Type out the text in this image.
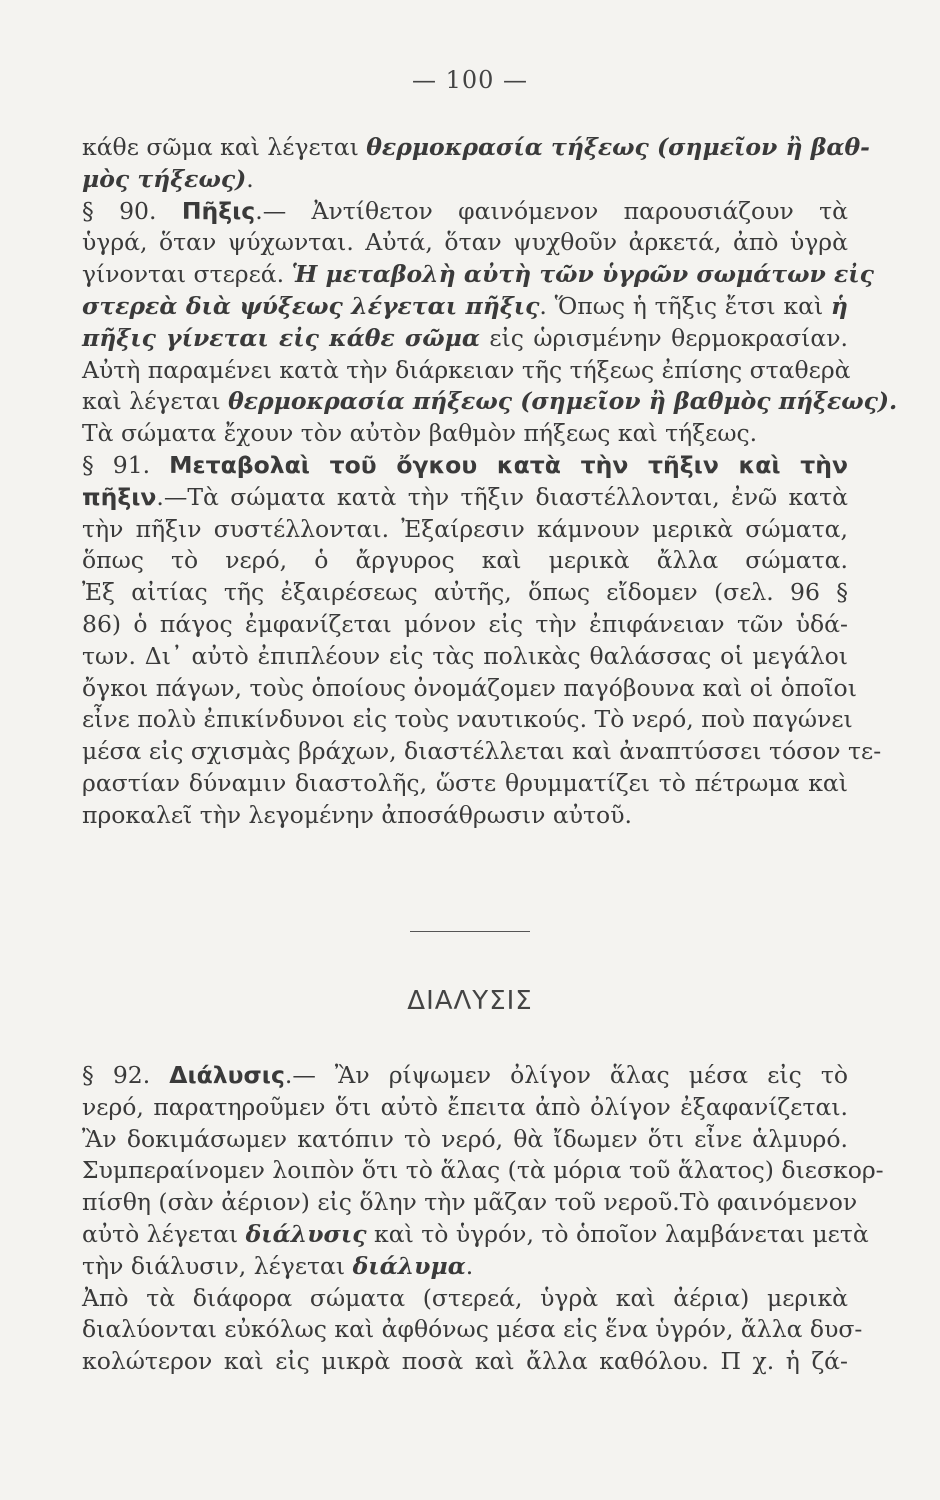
— 100 —
κάθε σῶμα καὶ λέγεται θερμοκρασία τήξεως (σημεῖον ἢ βαθ-
μὸς τήξεως).
§ 90. Πῆξις.— Ἀντίθετον φαινόμενον παρουσιάζουν τὰ
ὑγρά, ὅταν ψύχωνται. Αὐτά, ὅταν ψυχθοῦν ἀρκετά, ἀπὸ ὑγρὰ
γίνονται στερεά. Ἡ μεταβολὴ αὐτὴ τῶν ὑγρῶν σωμάτων εἰς
στερεὰ διὰ ψύξεως λέγεται πῆξις. Ὅπως ἡ τῆξις ἔτσι καὶ ἡ
πῆξις γίνεται εἰς κάθε σῶμα εἰς ὡρισμένην θερμοκρασίαν.
Αὐτὴ παραμένει κατὰ τὴν διάρκειαν τῆς τήξεως ἐπίσης σταθερὰ
καὶ λέγεται θερμοκρασία πήξεως (σημεῖον ἢ βαθμὸς πήξεως).
Τὰ σώματα ἔχουν τὸν αὐτὸν βαθμὸν πήξεως καὶ τήξεως.
§ 91. Μεταβολαὶ τοῦ ὄγκου κατὰ τὴν τῆξιν καὶ τὴν
πῆξιν.—Τὰ σώματα κατὰ τὴν τῆξιν διαστέλλονται, ἐνῶ κατὰ
τὴν πῆξιν συστέλλονται. Ἐξαίρεσιν κάμνουν μερικὰ σώματα,
ὅπως τὸ νερό, ὁ ἄργυρος καὶ μερικὰ ἄλλα σώματα.
Ἐξ αἰτίας τῆς ἐξαιρέσεως αὐτῆς, ὅπως εἴδομεν (σελ. 96 §
86) ὁ πάγος ἐμφανίζεται μόνον εἰς τὴν ἐπιφάνειαν τῶν ὑδά-
των. Δι᾿ αὐτὸ ἐπιπλέουν εἰς τὰς πολικὰς θαλάσσας οἱ μεγάλοι
ὄγκοι πάγων, τοὺς ὁποίους ὀνομάζομεν παγόβουνα καὶ οἱ ὁποῖοι
εἶνε πολὺ ἐπικίνδυνοι εἰς τοὺς ναυτικούς. Τὸ νερό, ποὺ παγώνει
μέσα εἰς σχισμὰς βράχων, διαστέλλεται καὶ ἀναπτύσσει τόσον τε-
ραστίαν δύναμιν διαστολῆς, ὥστε θρυμματίζει τὸ πέτρωμα καὶ
προκαλεῖ τὴν λεγομένην ἀποσάθρωσιν αὐτοῦ.
ΔΙΑΛΥΣΙΣ
§ 92. Διάλυσις.— Ἂν ρίψωμεν ὀλίγον ἅλας μέσα εἰς τὸ
νερό, παρατηροῦμεν ὅτι αὐτὸ ἔπειτα ἀπὸ ὀλίγον ἐξαφανίζεται.
Ἂν δοκιμάσωμεν κατόπιν τὸ νερό, θὰ ἴδωμεν ὅτι εἶνε ἁλμυρό.
Συμπεραίνομεν λοιπὸν ὅτι τὸ ἅλας (τὰ μόρια τοῦ ἅλατος) διεσκορ-
πίσθη (σὰν ἀέριον) εἰς ὅλην τὴν μᾶζαν τοῦ νεροῦ.Τὸ φαινόμενον
αὐτὸ λέγεται διάλυσις καὶ τὸ ὑγρόν, τὸ ὁποῖον λαμβάνεται μετὰ
τὴν διάλυσιν, λέγεται διάλυμα.
Ἀπὸ τὰ διάφορα σώματα (στερεά, ὑγρὰ καὶ ἀέρια) μερικὰ
διαλύονται εὐκόλως καὶ ἀφθόνως μέσα εἰς ἕνα ὑγρόν, ἄλλα δυσ-
κολώτερον καὶ εἰς μικρὰ ποσὰ καὶ ἄλλα καθόλου. Π χ. ἡ ζά-
